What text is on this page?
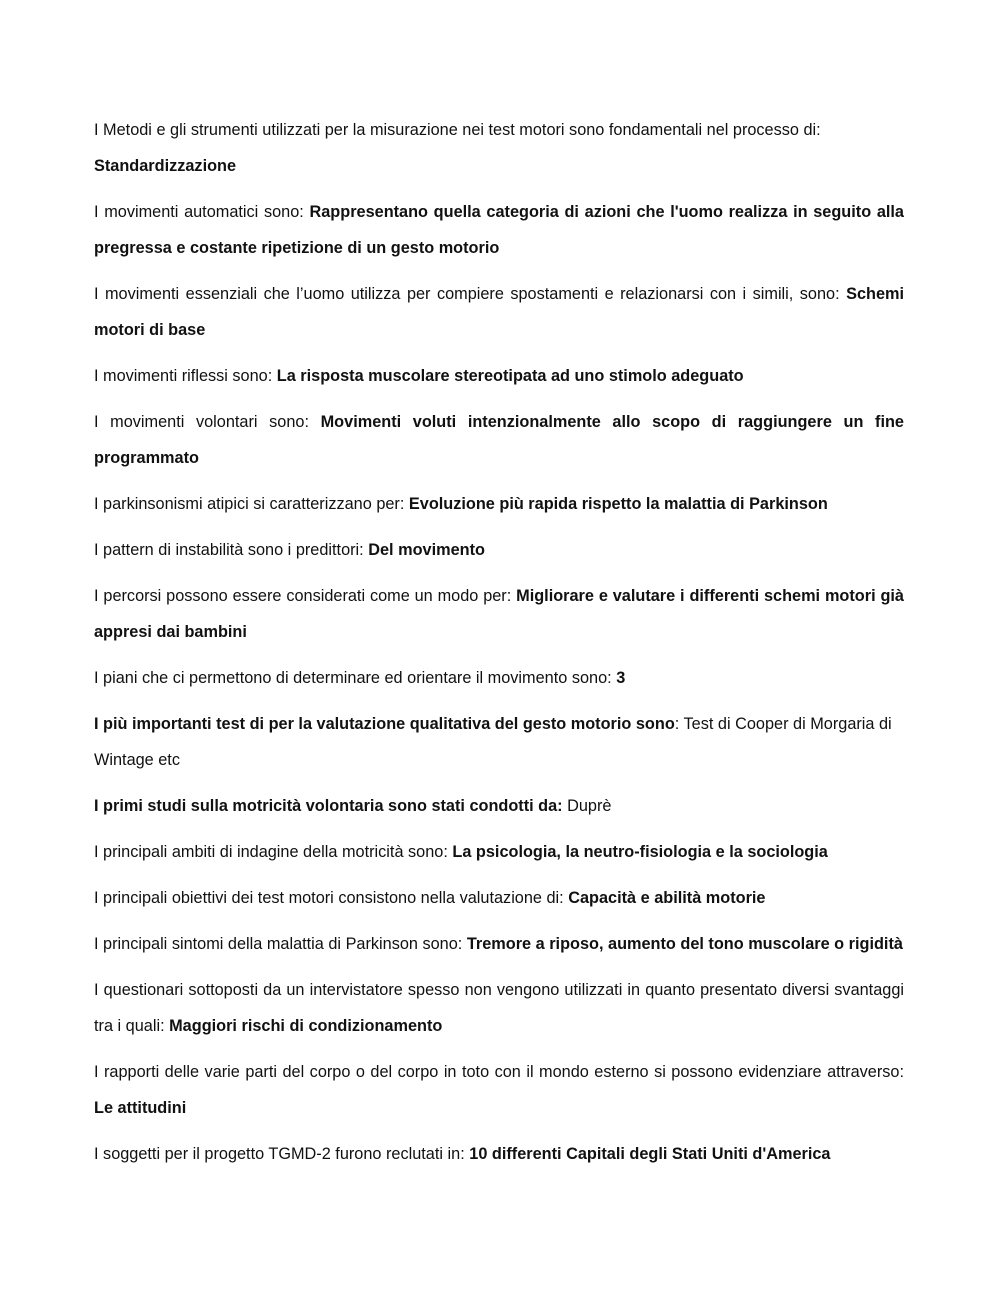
I Metodi e gli strumenti utilizzati per la misurazione nei test motori sono fondamentali nel processo di:
Standardizzazione

I movimenti automatici sono: Rappresentano quella categoria di azioni che l'uomo realizza in seguito alla pregressa e costante ripetizione di un gesto motorio

I movimenti essenziali che l’uomo utilizza per compiere spostamenti e relazionarsi con i simili, sono: Schemi motori di base

I movimenti riflessi sono: La risposta muscolare stereotipata ad uno stimolo adeguato

I movimenti volontari sono: Movimenti voluti intenzionalmente allo scopo di raggiungere un fine programmato

I parkinsonismi atipici si caratterizzano per: Evoluzione più rapida rispetto la malattia di Parkinson

I pattern di instabilità sono i predittori: Del movimento

I percorsi possono essere considerati come un modo per: Migliorare e valutare i differenti schemi motori già appresi dai bambini

I piani che ci permettono di determinare ed orientare il movimento sono: 3

I più importanti test di per la valutazione qualitativa del gesto motorio sono: Test di Cooper di Morgaria di Wintage etc

I primi studi sulla motricità volontaria sono stati condotti da: Duprè

I principali ambiti di indagine della motricità sono: La psicologia, la neutro-fisiologia e la sociologia

I principali obiettivi dei test motori consistono nella valutazione di: Capacità e abilità motorie

I principali sintomi della malattia di Parkinson sono: Tremore a riposo, aumento del tono muscolare o rigidità

I questionari sottoposti da un intervistatore spesso non vengono utilizzati in quanto presentato diversi svantaggi tra i quali: Maggiori rischi di condizionamento

I rapporti delle varie parti del corpo o del corpo in toto con il mondo esterno si possono evidenziare attraverso: Le attitudini

I soggetti per il progetto TGMD-2 furono reclutati in: 10 differenti Capitali degli Stati Uniti d'America
